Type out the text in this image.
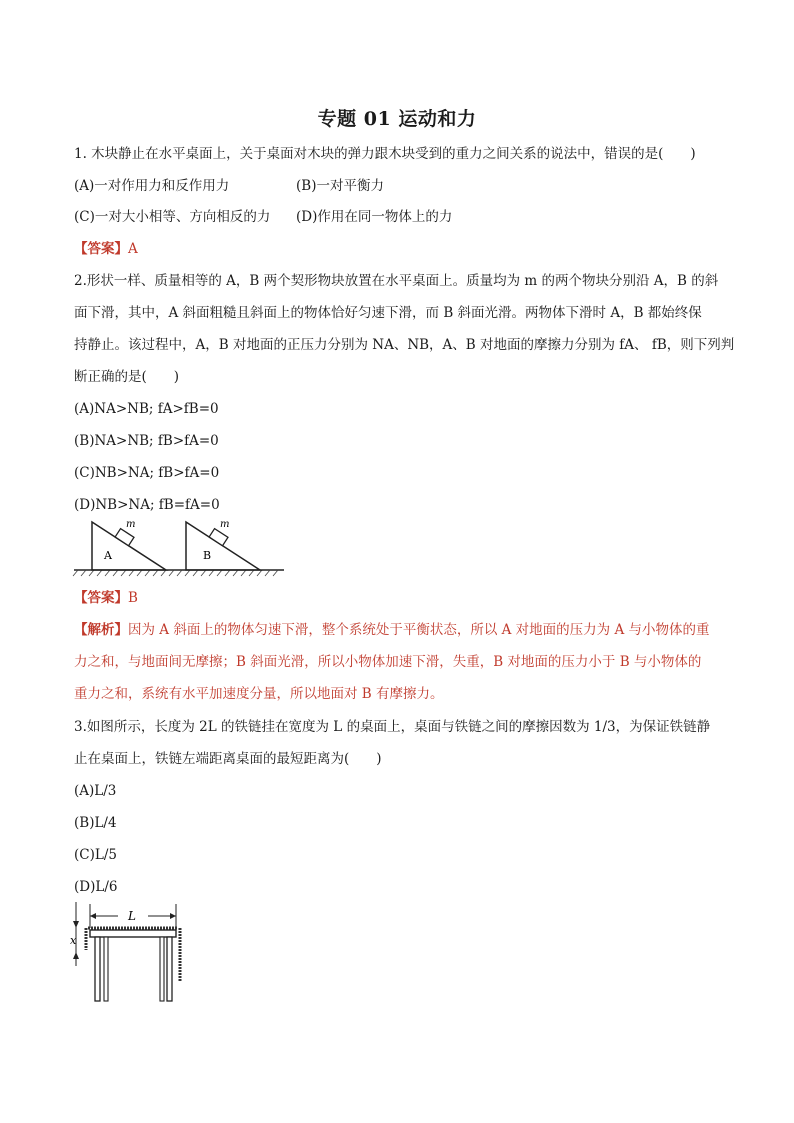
专题 01 运动和力
1. 木块静止在水平桌面上，关于桌面对木块的弹力跟木块受到的重力之间关系的说法中，错误的是(　　)
(A)一对作用力和反作用力	(B)一对平衡力
(C)一对大小相等、方向相反的力 (D)作用在同一物体上的力
【答案】A
2.形状一样、质量相等的 A，B 两个契形物块放置在水平桌面上。质量均为 m 的两个物块分别沿 A，B 的斜
面下滑，其中，A 斜面粗糙且斜面上的物体恰好匀速下滑，而 B 斜面光滑。两物体下滑时 A，B 都始终保
持静止。该过程中，A，B 对地面的正压力分别为 NA、NB，A、B 对地面的摩擦力分别为 fA、 fB，则下列判
断正确的是(　　)
(A)NA>NB; fA>fB=0
(B)NA>NB; fB>fA=0
(C)NB>NA; fB>fA=0
(D)NB>NA; fB=fA=0
A
m
B
m
【答案】B
【解析】因为 A 斜面上的物体匀速下滑，整个系统处于平衡状态，所以 A 对地面的压力为 A 与小物体的重
力之和，与地面间无摩擦；B 斜面光滑，所以小物体加速下滑，失重，B 对地面的压力小于 B 与小物体的
重力之和，系统有水平加速度分量，所以地面对 B 有摩擦力。
3.如图所示，长度为 2L 的铁链挂在宽度为 L 的桌面上，桌面与铁链之间的摩擦因数为 1/3，为保证铁链静
止在桌面上，铁链左端距离桌面的最短距离为(　　)
(A)L/3
(B)L/4
(C)L/5
(D)L/6
L
x
